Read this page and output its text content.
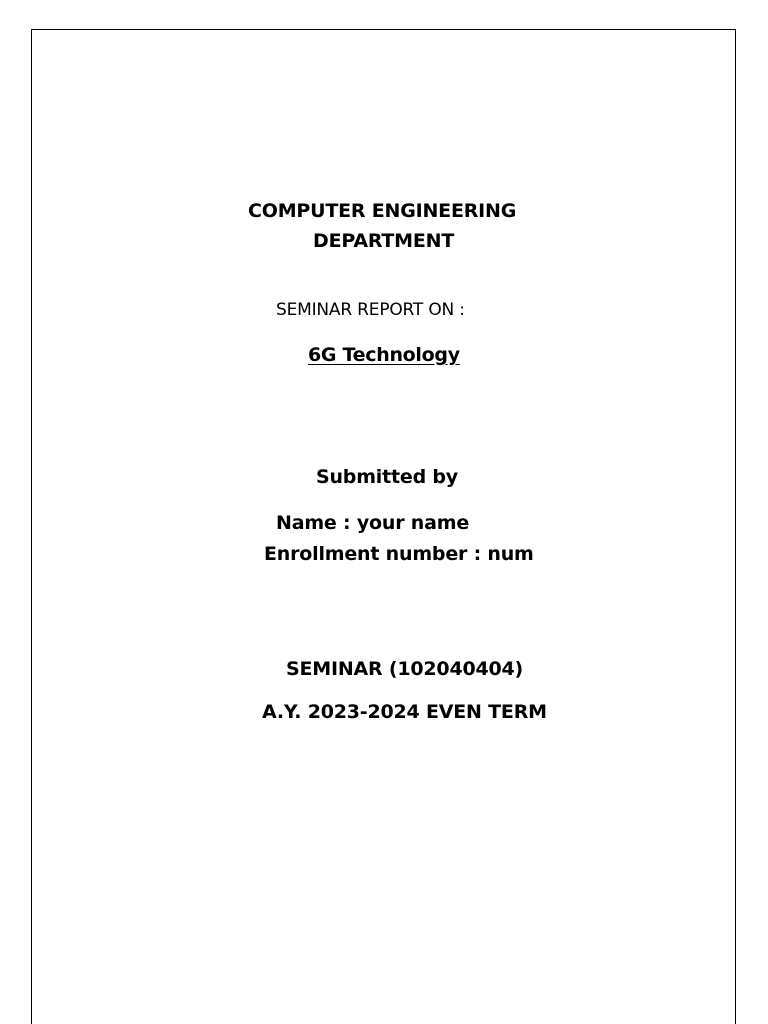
COMPUTER ENGINEERING
DEPARTMENT
SEMINAR REPORT ON :
6G Technology
Submitted by
Name : your name
Enrollment number : num
SEMINAR (102040404)
A.Y. 2023-2024 EVEN TERM
